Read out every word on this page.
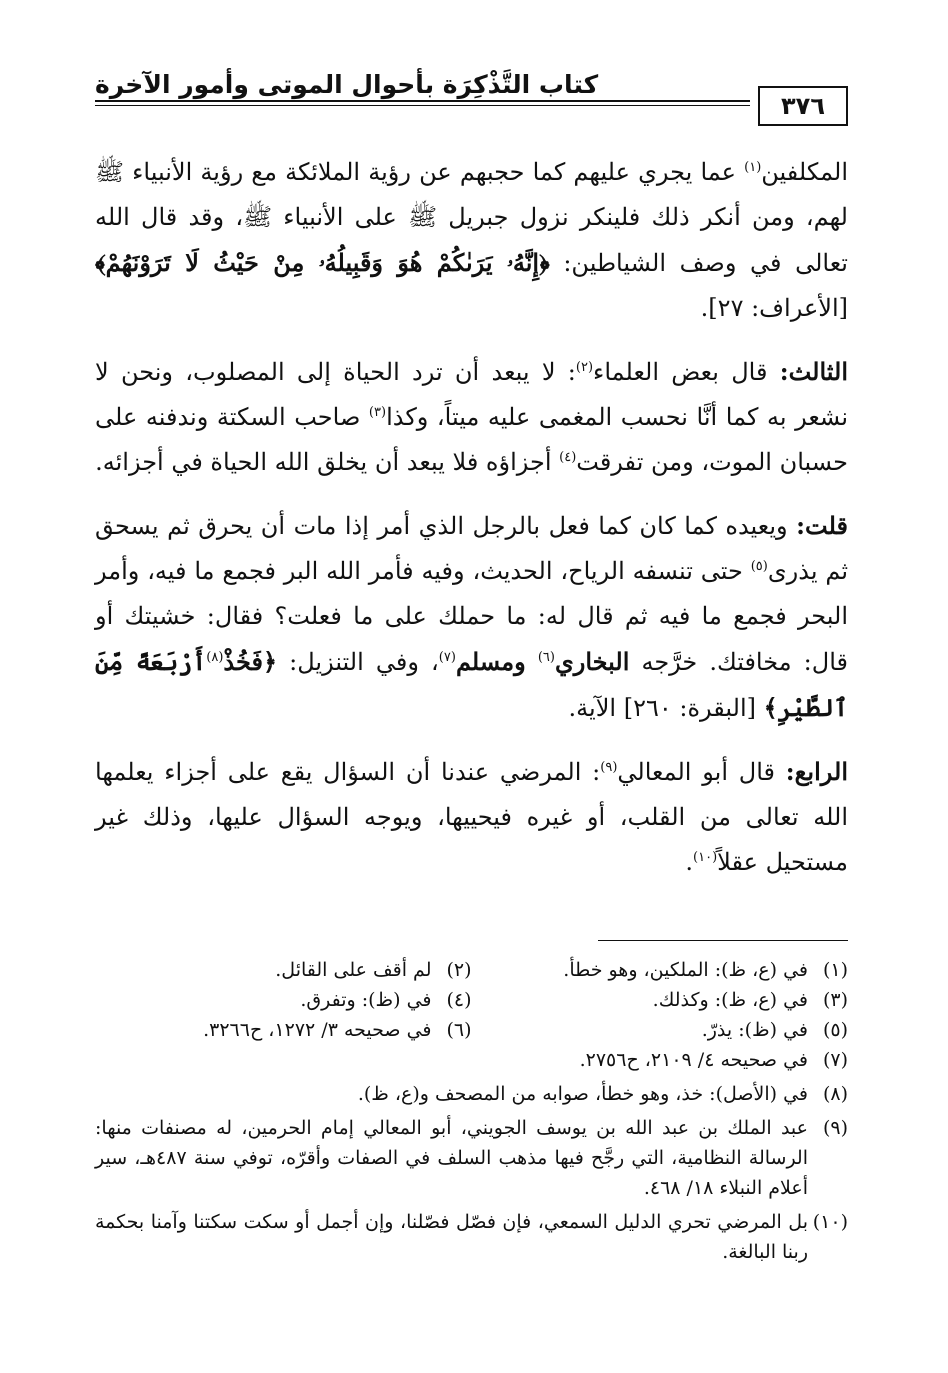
٣٧٦
كتاب التَّذْكِرَة بأحوال الموتى وأمور الآخرة

المكلفين$^{(١)}$ عما يجري عليهم كما حجبهم عن رؤية الملائكة مع رؤية الأنبياء ﷺ لهم، ومن أنكر ذلك فلينكر نزول جبريل ﷺ على الأنبياء ﷺ، وقد قال الله تعالى في وصف الشياطين: ﴿إِنَّهُۥ يَرَىٰكُمْ هُوَ وَقَبِيلُهُۥ مِنْ حَيْثُ لَا تَرَوْنَهُمْ﴾ [الأعراف: ٢٧].

الثالث: قال بعض العلماء$^{(٢)}$: لا يبعد أن ترد الحياة إلى المصلوب، ونحن لا نشعر به كما أنَّا نحسب المغمى عليه ميتاً، وكذا$^{(٣)}$ صاحب السكتة وندفنه على حسبان الموت، ومن تفرقت$^{(٤)}$ أجزاؤه فلا يبعد أن يخلق الله الحياة في أجزائه.

قلت: ويعيده كما كان كما فعل بالرجل الذي أمر إذا مات أن يحرق ثم يسحق ثم يذرى$^{(٥)}$ حتى تنسفه الرياح، الحديث، وفيه فأمر الله البر فجمع ما فيه، وأمر البحر فجمع ما فيه ثم قال له: ما حملك على ما فعلت؟ فقال: خشيتك أو قال: مخافتك. خرَّجه البخاري$^{(٦)}$ ومسلم$^{(٧)}$، وفي التنزيل: ﴿فَخُذْ$^{(٨)}$أَرْبَعَةً مِّنَ ٱلطَّيْرِ﴾ [البقرة: ٢٦٠] الآية.

الرابع: قال أبو المعالي$^{(٩)}$: المرضي عندنا أن السؤال يقع على أجزاء يعلمها الله تعالى من القلب، أو غيره فيحييها، ويوجه السؤال عليها، وذلك غير مستحيل عقلاً$^{(١٠)}$.

(١)في (ع، ظ): الملكين، وهو خطأ.
(٢)لم أقف على القائل.
(٣)في (ع، ظ): وكذلك.
(٤)في (ظ): وتفرق.
(٥)في (ظ): يذرّ.
(٦)في صحيحه ٣/ ١٢٧٢، ح٣٢٦٦.

(٧)في صحيحه ٤/ ٢١٠٩، ح٢٧٥٦.

(٨)في (الأصل): خذ، وهو خطأ، صوابه من المصحف و(ع، ظ).

(٩)عبد الملك بن عبد الله بن يوسف الجويني، أبو المعالي إمام الحرمين، له مصنفات منها: الرسالة النظامية، التي رجَّح فيها مذهب السلف في الصفات وأقرّه، توفي سنة ٤٨٧هـ، سير أعلام النبلاء ١٨/ ٤٦٨.

(١٠)بل المرضي تحري الدليل السمعي، فإن فصّل فصّلنا، وإن أجمل أو سكت سكتنا وآمنا بحكمة ربنا البالغة.
